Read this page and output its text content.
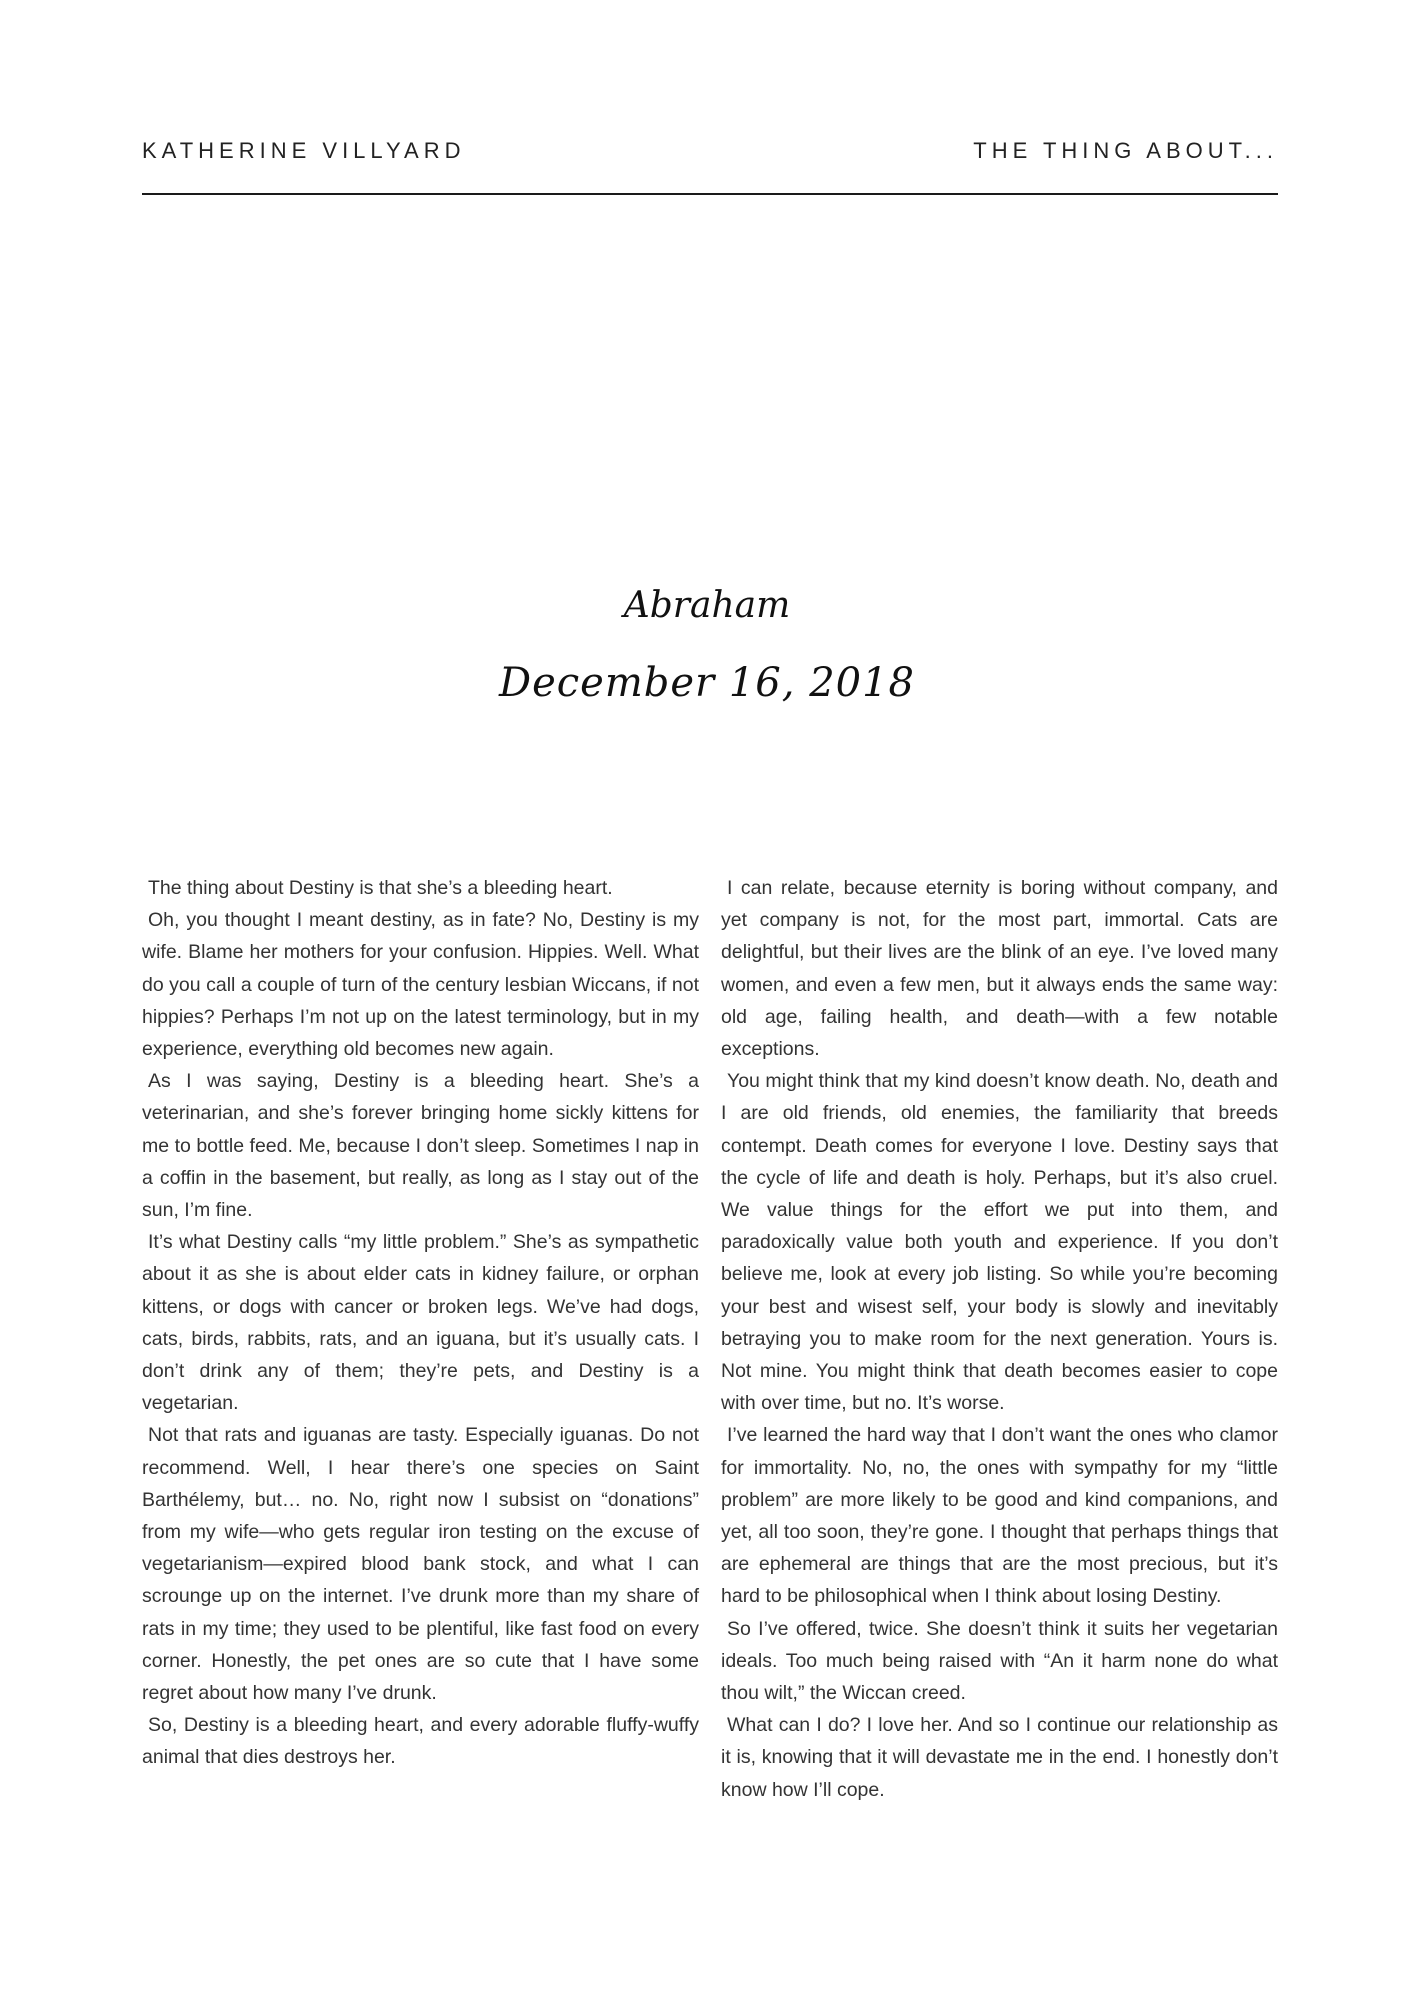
KATHERINE VILLYARD	THE THING ABOUT...
Abraham
December 16, 2018

The thing about Destiny is that she’s a bleeding heart.

Oh, you thought I meant destiny, as in fate? No, Destiny is my wife. Blame her mothers for your confusion. Hippies. Well. What do you call a couple of turn of the century lesbian Wiccans, if not hippies? Perhaps I’m not up on the latest terminology, but in my experience, everything old becomes new again.

As I was saying, Destiny is a bleeding heart. She’s a veterinarian, and she’s forever bringing home sickly kittens for me to bottle feed. Me, because I don’t sleep. Sometimes I nap in a coffin in the basement, but really, as long as I stay out of the sun, I’m fine.

It’s what Destiny calls “my little problem.” She’s as sympathetic about it as she is about elder cats in kidney failure, or orphan kittens, or dogs with cancer or broken legs. We’ve had dogs, cats, birds, rabbits, rats, and an iguana, but it’s usually cats. I don’t drink any of them; they’re pets, and Destiny is a vegetarian.

Not that rats and iguanas are tasty. Especially iguanas. Do not recommend. Well, I hear there’s one species on Saint Barthélemy, but… no. No, right now I subsist on “donations” from my wife—who gets regular iron testing on the excuse of vegetarianism—expired blood bank stock, and what I can scrounge up on the internet. I’ve drunk more than my share of rats in my time; they used to be plentiful, like fast food on every corner. Honestly, the pet ones are so cute that I have some regret about how many I’ve drunk.

So, Destiny is a bleeding heart, and every adorable fluffy-wuffy animal that dies destroys her.

I can relate, because eternity is boring without company, and yet company is not, for the most part, immortal. Cats are delightful, but their lives are the blink of an eye. I’ve loved many women, and even a few men, but it always ends the same way: old age, failing health, and death—with a few notable exceptions.

You might think that my kind doesn’t know death. No, death and I are old friends, old enemies, the familiarity that breeds contempt. Death comes for everyone I love. Destiny says that the cycle of life and death is holy. Perhaps, but it’s also cruel. We value things for the effort we put into them, and paradoxically value both youth and experience. If you don’t believe me, look at every job listing. So while you’re becoming your best and wisest self, your body is slowly and inevitably betraying you to make room for the next generation. Yours is. Not mine. You might think that death becomes easier to cope with over time, but no. It’s worse.

I’ve learned the hard way that I don’t want the ones who clamor for immortality. No, no, the ones with sympathy for my “little problem” are more likely to be good and kind companions, and yet, all too soon, they’re gone. I thought that perhaps things that are ephemeral are things that are the most precious, but it’s hard to be philosophical when I think about losing Destiny.

So I’ve offered, twice. She doesn’t think it suits her vegetarian ideals. Too much being raised with “An it harm none do what thou wilt,” the Wiccan creed.

What can I do? I love her. And so I continue our relationship as it is, knowing that it will devastate me in the end. I honestly don’t know how I’ll cope.
